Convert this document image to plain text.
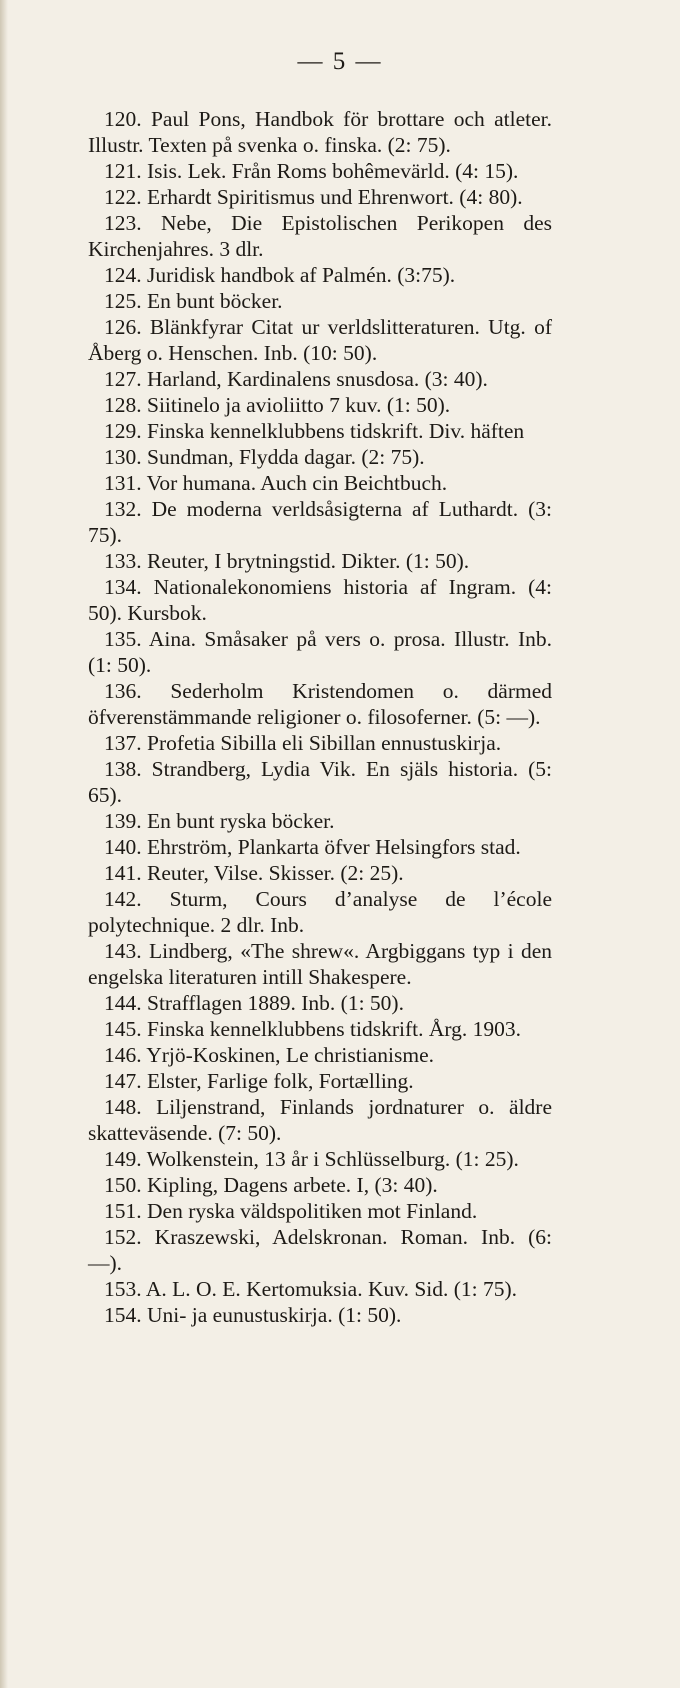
— 5 —

120. Paul Pons, Handbok för brottare och atleter. Illustr. Texten på svenka o. finska. (2: 75).

121. Isis. Lek. Från Roms bohêmevärld. (4: 15).

122. Erhardt Spiritismus und Ehrenwort. (4: 80).

123. Nebe, Die Epistolischen Perikopen des Kirchenjahres. 3 dlr.

124. Juridisk handbok af Palmén. (3:75).

125. En bunt böcker.

126. Blänkfyrar Citat ur verldslitteraturen. Utg. of Åberg o. Henschen. Inb. (10: 50).

127. Harland, Kardinalens snusdosa. (3: 40).

128. Siitinelo ja avioliitto 7 kuv. (1: 50).

129. Finska kennelklubbens tidskrift. Div. häften

130. Sundman, Flydda dagar. (2: 75).

131. Vor humana. Auch cin Beichtbuch.

132. De moderna verldsåsigterna af Luthardt. (3: 75).

133. Reuter, I brytningstid. Dikter. (1: 50).

134. Nationalekonomiens historia af Ingram. (4: 50). Kursbok.

135. Aina. Småsaker på vers o. prosa. Illustr. Inb. (1: 50).

136. Sederholm Kristendomen o. därmed öfverenstämmande religioner o. filosoferner. (5: —).

137. Profetia Sibilla eli Sibillan ennustuskirja.

138. Strandberg, Lydia Vik. En själs historia. (5: 65).

139. En bunt ryska böcker.

140. Ehrström, Plankarta öfver Helsingfors stad.

141. Reuter, Vilse. Skisser. (2: 25).

142. Sturm, Cours d’analyse de l’école polytechnique. 2 dlr. Inb.

143. Lindberg, «The shrew«. Argbiggans typ i den engelska literaturen intill Shakespere.

144. Strafflagen 1889. Inb. (1: 50).

145. Finska kennelklubbens tidskrift. Årg. 1903.

146. Yrjö-Koskinen, Le christianisme.

147. Elster, Farlige folk, Fortælling.

148. Liljenstrand, Finlands jordnaturer o. äldre skatteväsende. (7: 50).

149. Wolkenstein, 13 år i Schlüsselburg. (1: 25).

150. Kipling, Dagens arbete. I, (3: 40).

151. Den ryska väldspolitiken mot Finland.

152. Kraszewski, Adelskronan. Roman. Inb. (6: —).

153. A. L. O. E. Kertomuksia. Kuv. Sid. (1: 75).

154. Uni- ja eunustuskirja. (1: 50).
